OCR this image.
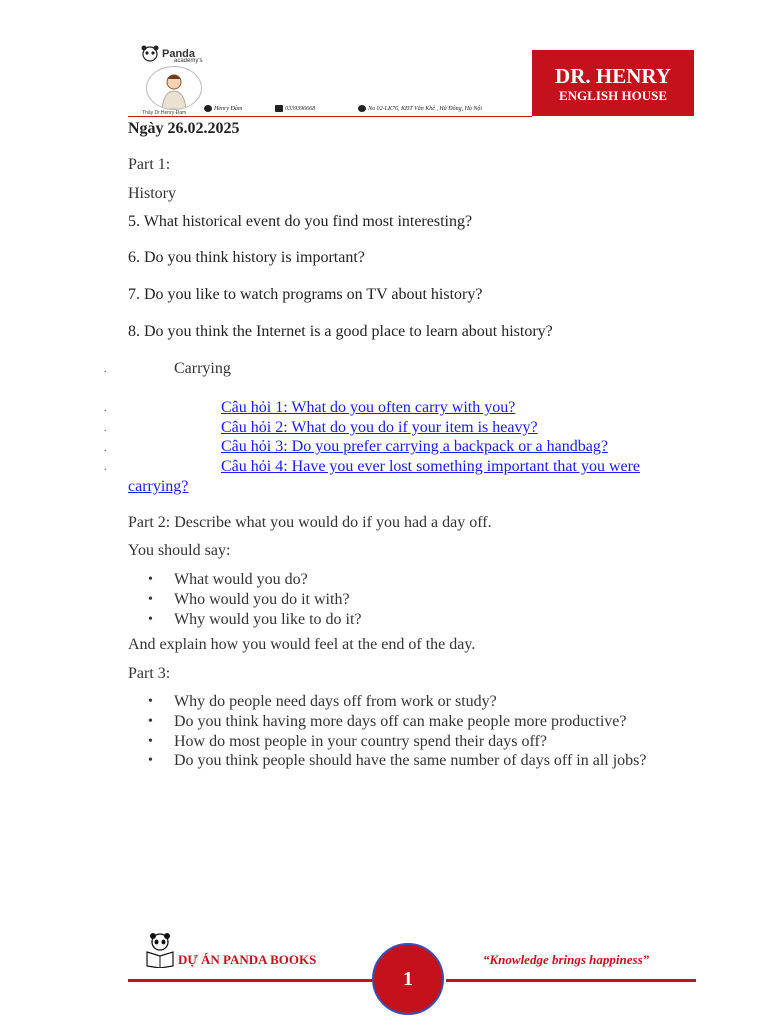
Panda
academy's
Thầy Dr.Henry Đam
Henry Đàm	0339396668	No 02-LK76, KĐT Văn Khê , Hà Đông, Hà Nội
DR. HENRY
ENGLISH HOUSE
Ngày 26.02.2025
Part 1:
History
5. What historical event do you find most interesting?
6. Do you think history is important?
7. Do you like to watch programs on TV about history?
8. Do you think the Internet is a good place to learn about history?
.	Carrying
.	Câu hỏi 1: What do you often carry with you?
.	Câu hỏi 2: What do you do if your item is heavy?
.	Câu hỏi 3: Do you prefer carrying a backpack or a handbag?
.	Câu hỏi 4: Have you ever lost something important that you were
carrying?
Part 2: Describe what you would do if you had a day off.
You should say:
• What would you do?
• Who would you do it with?
• Why would you like to do it?
And explain how you would feel at the end of the day.
Part 3:
• Why do people need days off from work or study?
• Do you think having more days off can make people more productive?
• How do most people in your country spend their days off?
• Do you think people should have the same number of days off in all jobs?
DỰ ÁN PANDA BOOKS	“Knowledge brings happiness”
1
